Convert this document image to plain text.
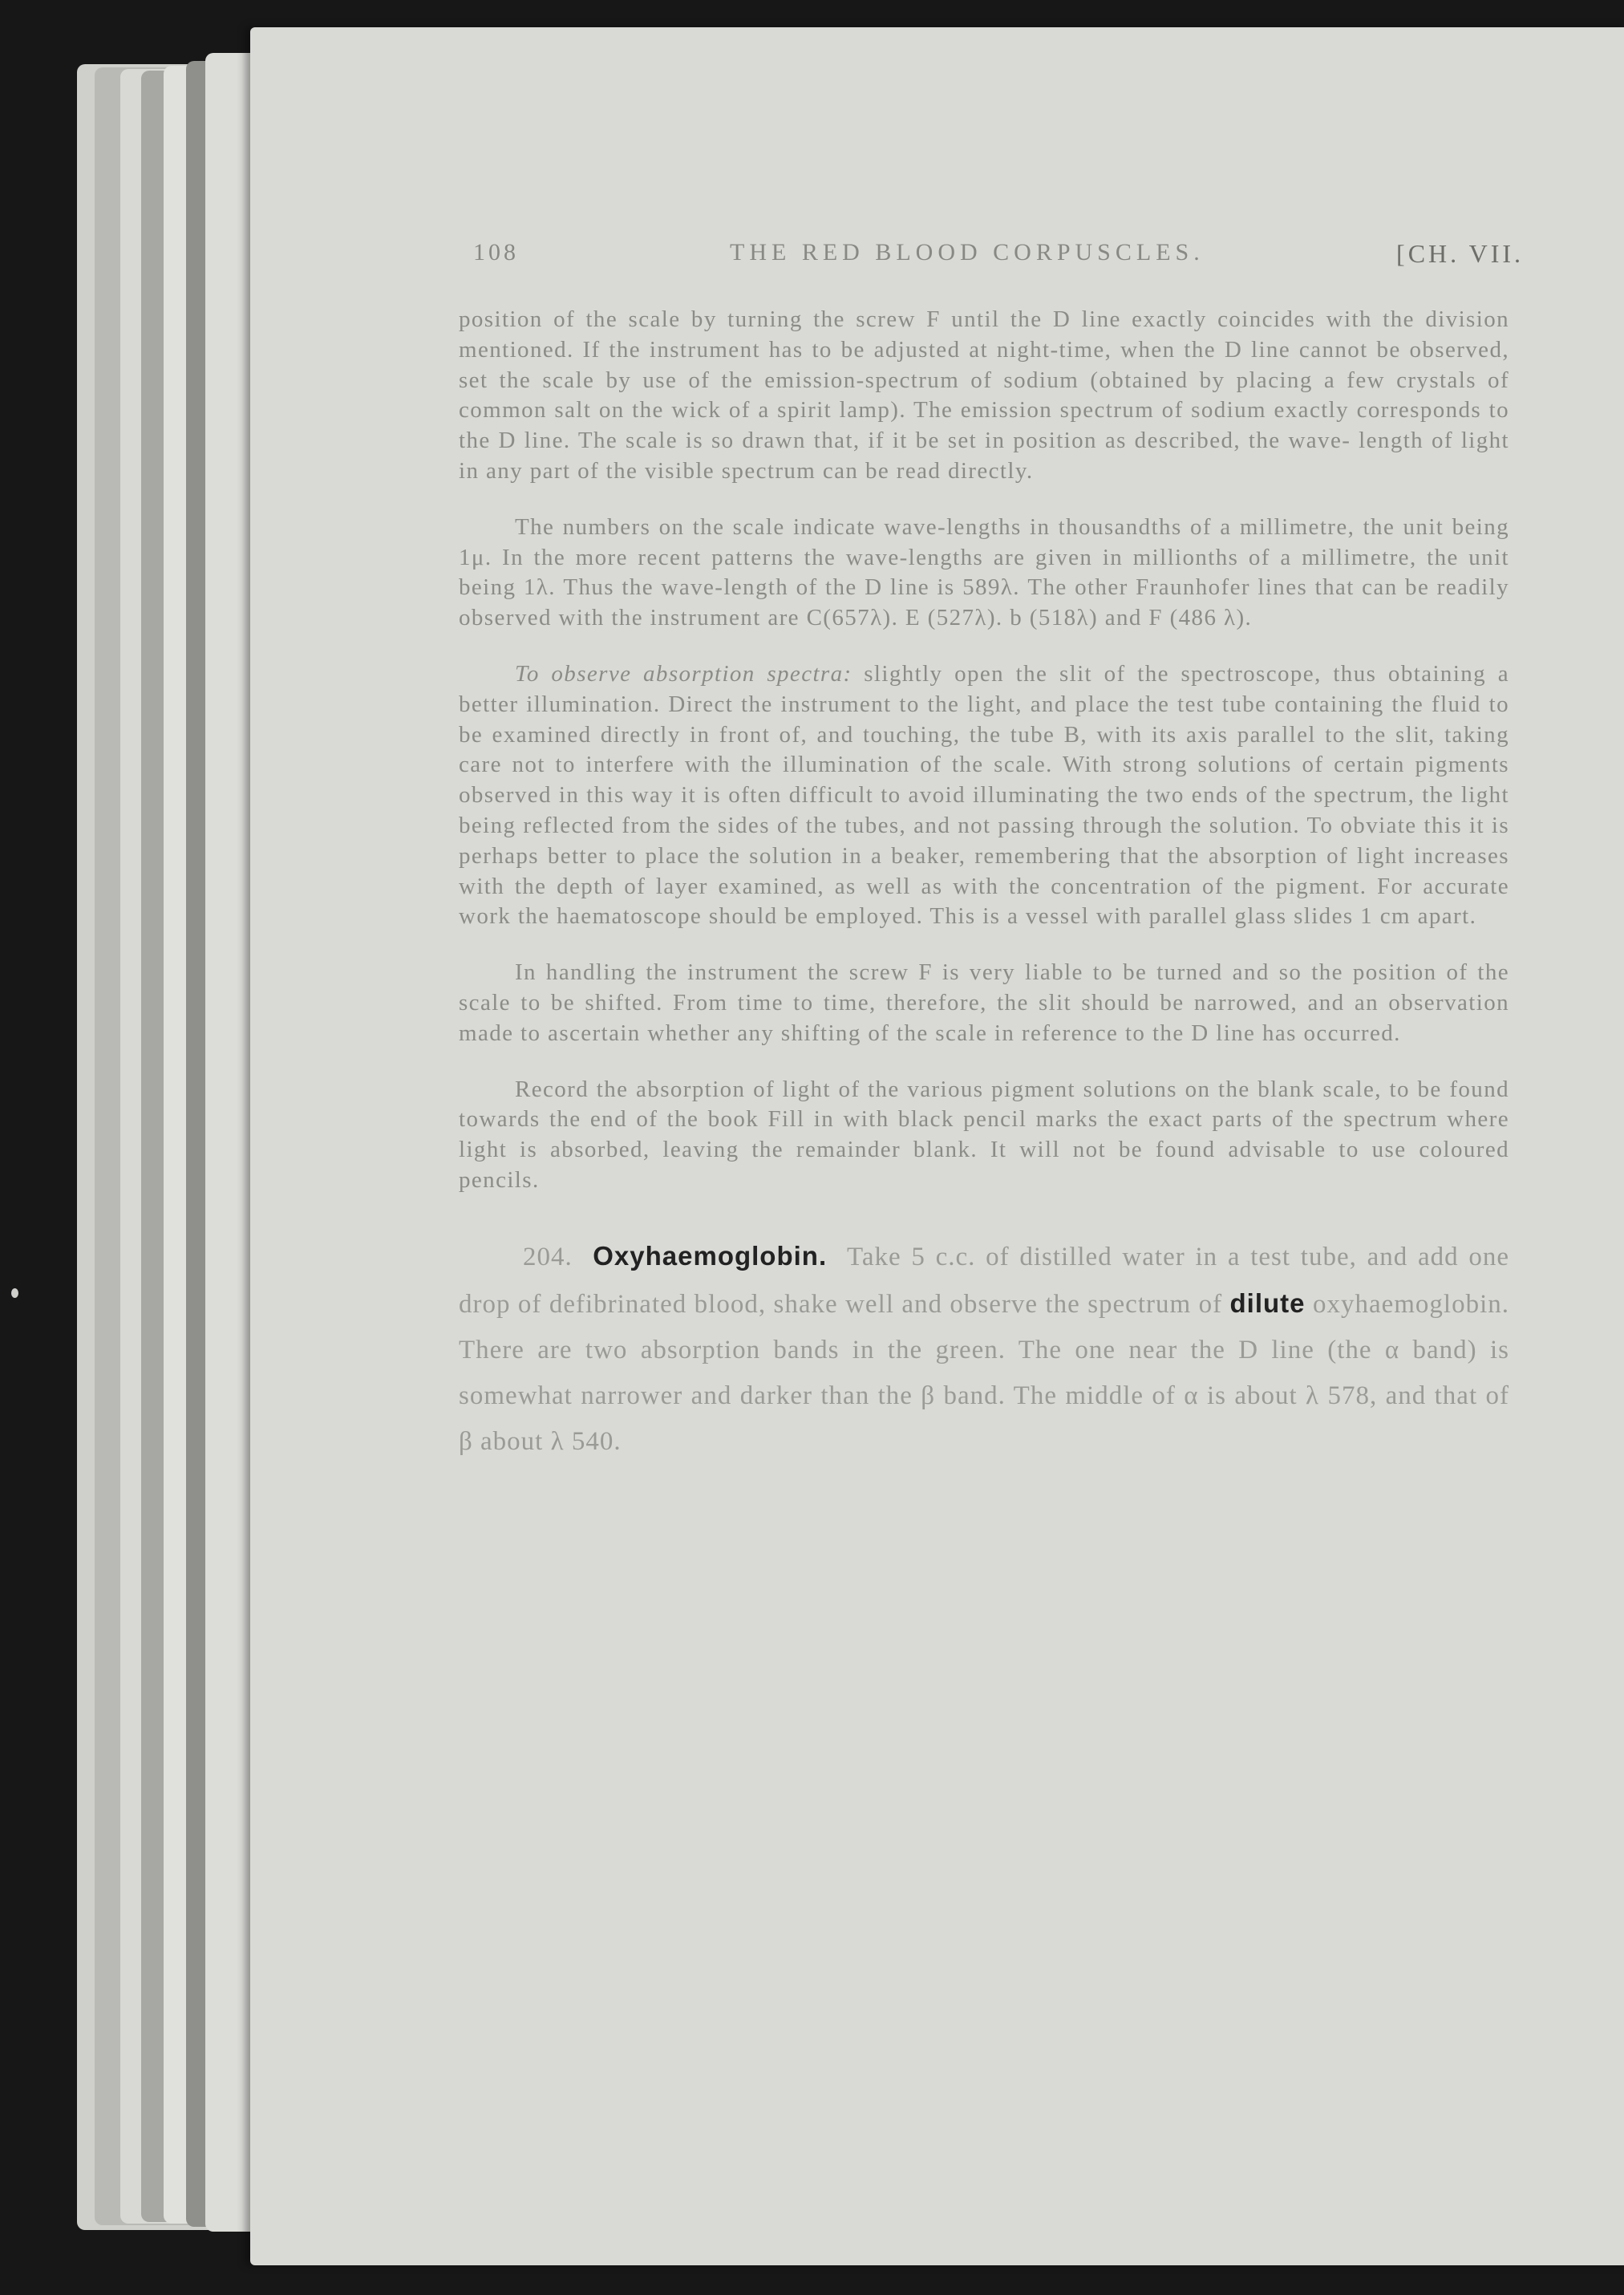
108	THE RED BLOOD CORPUSCLES.	[CH. VII.

position of the scale by turning the screw F until the D line exactly coincides with the division mentioned. If the instrument has to be adjusted at night-time, when the D line cannot be observed, set the scale by use of the emission-spectrum of sodium (obtained by placing a few crystals of common salt on the wick of a spirit lamp). The emission spectrum of sodium exactly corresponds to the D line. The scale is so drawn that, if it be set in position as described, the wave- length of light in any part of the visible spectrum can be read directly.

The numbers on the scale indicate wave-lengths in thousandths of a millimetre, the unit being 1μ. In the more recent patterns the wave-lengths are given in millionths of a millimetre, the unit being 1λ. Thus the wave-length of the D line is 589λ. The other Fraunhofer lines that can be readily observed with the instrument are C(657λ). E (527λ). b (518λ) and F (486 λ).

To observe absorption spectra: slightly open the slit of the spectroscope, thus obtaining a better illumination. Direct the instrument to the light, and place the test tube containing the fluid to be examined directly in front of, and touching, the tube B, with its axis parallel to the slit, taking care not to interfere with the illumination of the scale. With strong solutions of certain pigments observed in this way it is often difficult to avoid illuminating the two ends of the spectrum, the light being reflected from the sides of the tubes, and not passing through the solution. To obviate this it is perhaps better to place the solution in a beaker, remembering that the absorption of light increases with the depth of layer examined, as well as with the concentration of the pigment. For accurate work the haematoscope should be employed. This is a vessel with parallel glass slides 1 cm apart.

In handling the instrument the screw F is very liable to be turned and so the position of the scale to be shifted. From time to time, therefore, the slit should be narrowed, and an observation made to ascertain whether any shifting of the scale in reference to the D line has occurred.

Record the absorption of light of the various pigment solutions on the blank scale, to be found towards the end of the book Fill in with black pencil marks the exact parts of the spectrum where light is absorbed, leaving the remainder blank. It will not be found advisable to use coloured pencils.

204. Oxyhaemoglobin. Take 5 c.c. of distilled water in a test tube, and add one drop of defibrinated blood, shake well and observe the spectrum of dilute oxyhaemoglobin. There are two absorption bands in the green. The one near the D line (the α band) is somewhat narrower and darker than the β band. The middle of α is about λ 578, and that of β about λ 540.
